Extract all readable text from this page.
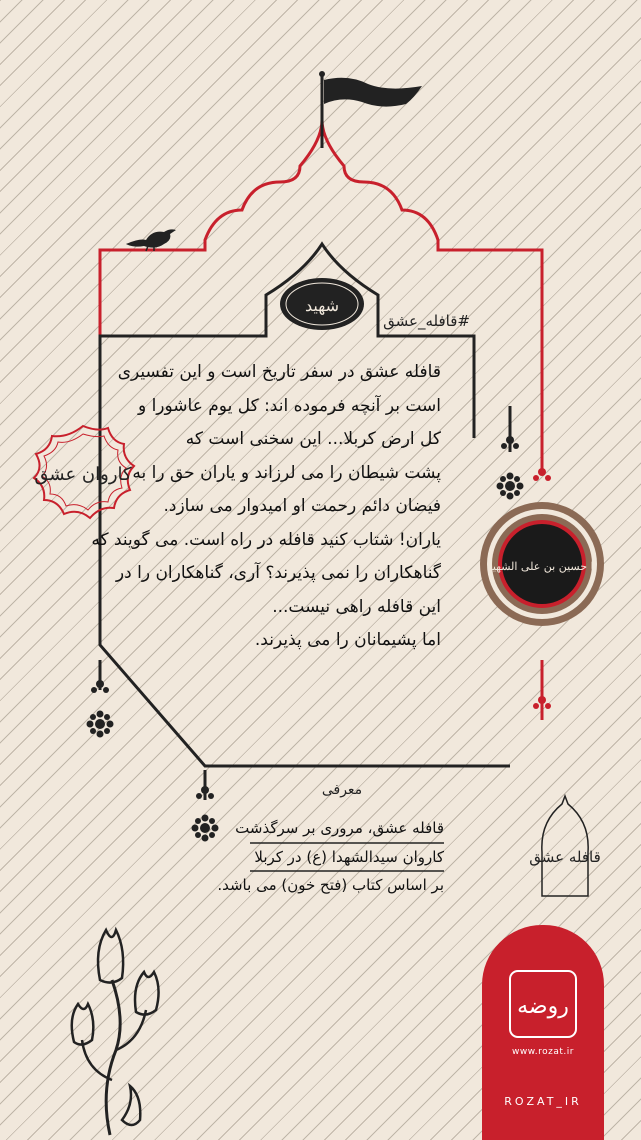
شهید
#قافله_عشق
قافله عشق در سفر تاریخ است و این تفسیری
است بر آنچه فرموده اند: کل یوم عاشورا و
کل ارض کربلا... این سخنی است که
پشت شیطان را می لرزاند و یاران حق را به
فیضان دائم رحمت او امیدوار می سازد.
یاران! شتاب کنید قافله در راه است. می گویند که
گناهکاران را نمی پذیرند؟ آری، گناهکاران را در
این قافله راهی نیست...
اما پشیمانان را می پذیرند.
کاروان عشق
یا حسین بن علی الشهید
معرفی
قافله عشق، مروری بر سرگذشت
کاروان سیدالشهدا (ع) در کربلا
بر اساس کتاب (فتح خون) می باشد.
قافله عشق
روضه
www.rozat.ir
ROZAT_IR
